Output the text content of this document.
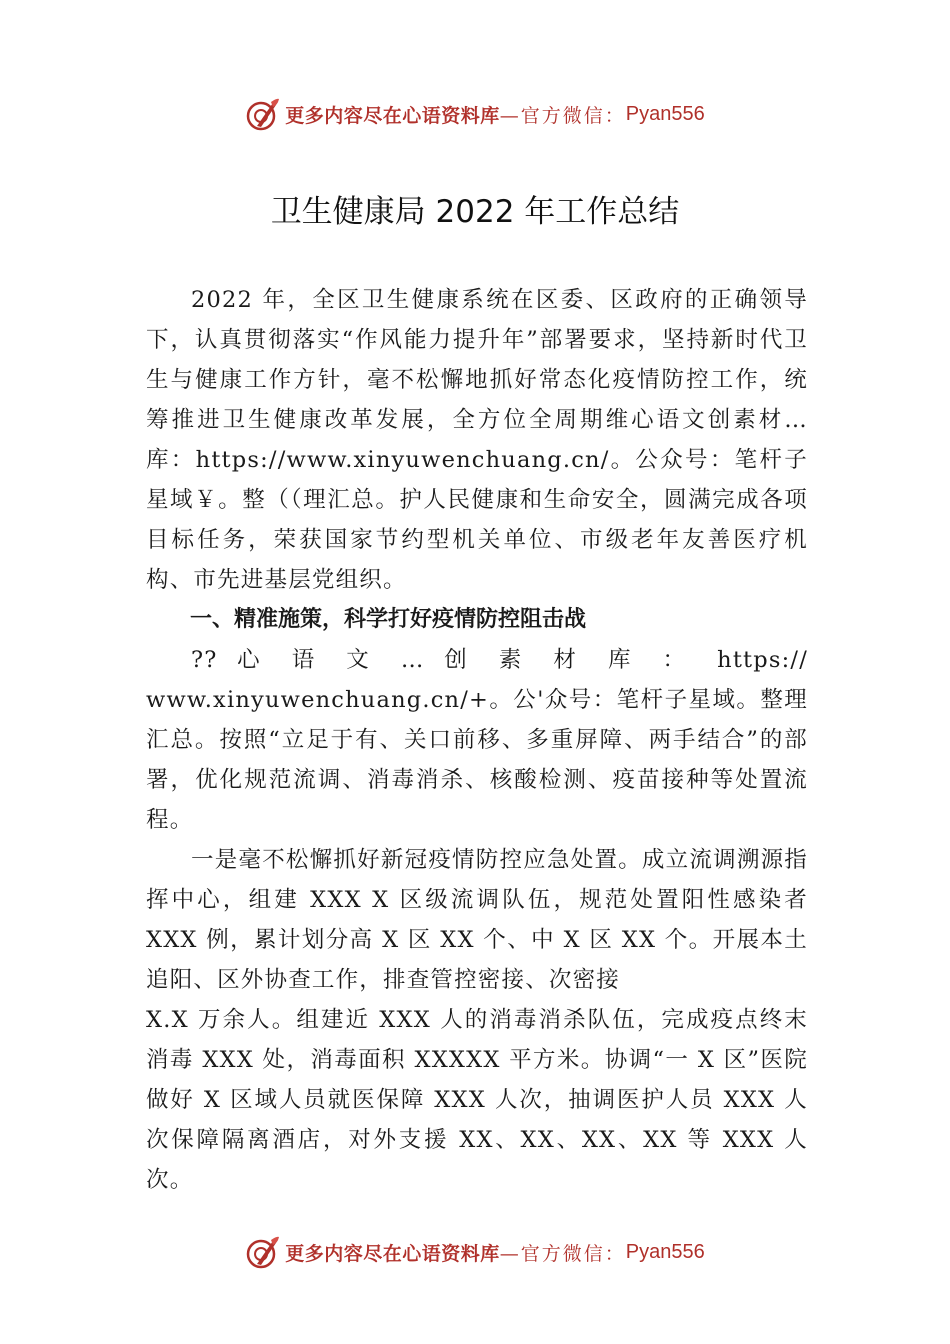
更多内容尽在心语资料库 —官方微信： Pyan556
卫生健康局 2022 年工作总结

2022 年，全区卫生健康系统在区委、区政府的正确领导下，认真贯彻落实“作风能力提升年”部署要求，坚持新时代卫生与健康工作方针，毫不松懈地抓好常态化疫情防控工作，统筹推进卫生健康改革发展，全方位全周期维心语文创素材…库：https://www.xinyuwenchuang.cn/。公众号：笔杆子星域￥。整（（理汇总。护人民健康和生命安全，圆满完成各项目标任务，荣获国家节约型机关单位、市级老年友善医疗机构、市先进基层党组织。

一、精准施策，科学打好疫情防控阻击战

?? 心 语 文 … 创 素 材 库 ： https://

www.xinyuwenchuang.cn/+。公'众号：笔杆子星域。整理汇总。按照“立足于有、关口前移、多重屏障、两手结合”的部署，优化规范流调、消毒消杀、核酸检测、疫苗接种等处置流程。

一是毫不松懈抓好新冠疫情防控应急处置。成立流调溯源指挥中心，组建 XXX X 区级流调队伍，规范处置阳性感染者 XXX 例，累计划分高 X 区 XX 个、中 X 区 XX 个。开展本土追阳、区外协查工作，排查管控密接、次密接

X.X 万余人。组建近 XXX 人的消毒消杀队伍，完成疫点终末消毒 XXX 处，消毒面积 XXXXX 平方米。协调“一 X 区”医院做好 X 区域人员就医保障 XXX 人次，抽调医护人员 XXX 人次保障隔离酒店，对外支援 XX、XX、XX、XX 等 XXX 人次。

更多内容尽在心语资料库 —官方微信： Pyan556
